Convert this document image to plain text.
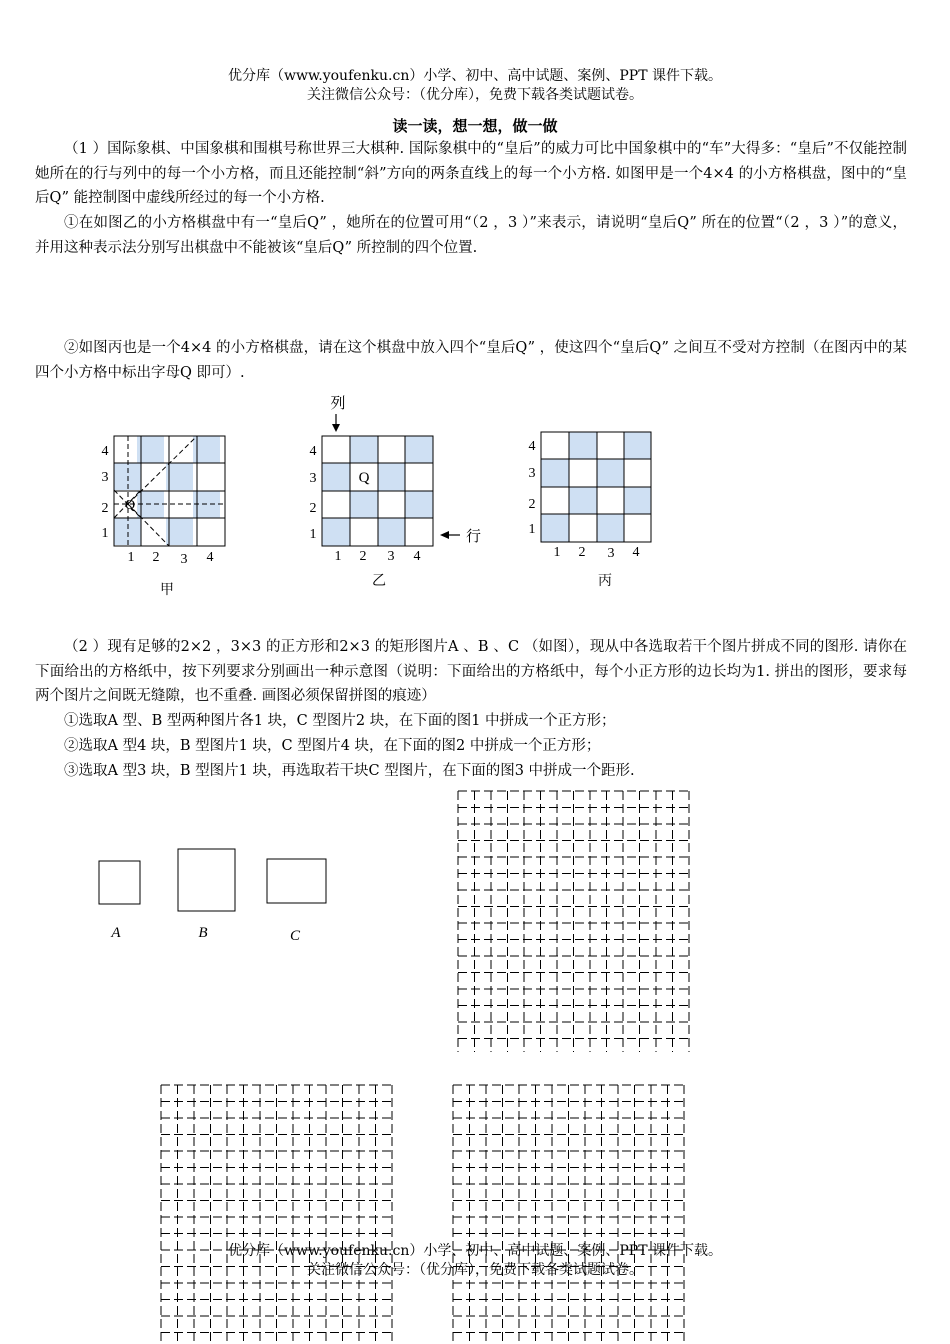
优分库（www.youfenku.cn）小学、初中、高中试题、案例、PPT 课件下载。
关注微信公众号：（优分库），免费下载各类试题试卷。
读一读，想一想，做一做
（1 ）国际象棋、中国象棋和围棋号称世界三大棋种. 国际象棋中的“皇后”的威力可比中国象棋中的“车”大得多：“皇后”不仅能控制她所在的行与列中的每一个小方格，而且还能控制“斜”方向的两条直线上的每一个小方格. 如图甲是一个4×4 的小方格棋盘，图中的“皇后Q” 能控制图中虚线所经过的每一个小方格.
①在如图乙的小方格棋盘中有一“皇后Q” ，她所在的位置可用“（2 ，3 ）”来表示，请说明“皇后Q” 所在的位置“（2 ，3 ）”的意义，并用这种表示法分别写出棋盘中不能被该“皇后Q” 所控制的四个位置.
②如图丙也是一个4×4 的小方格棋盘，请在这个棋盘中放入四个“皇后Q” ，使这四个“皇后Q” 之间互不受对方控制（在图丙中的某四个小方格中标出字母Q 即可）.
Q
4
3
2
1
1 2 3 4
甲
列
Q
4
3
2
1
1 2 3 4
乙
行
4
3
2
1
1 2 3 4
丙
（2 ）现有足够的2×2 ，3×3 的正方形和2×3 的矩形图片A 、B 、C （如图），现从中各选取若干个图片拼成不同的图形. 请你在下面给出的方格纸中，按下列要求分别画出一种示意图（说明：下面给出的方格纸中，每个小正方形的边长均为1. 拼出的图形，要求每两个图片之间既无缝隙，也不重叠. 画图必须保留拼图的痕迹）
①选取A 型、B 型两种图片各1 块，C 型图片2 块，在下面的图1 中拼成一个正方形；
②选取A 型4 块，B 型图片1 块，C 型图片4 块，在下面的图2 中拼成一个正方形；
③选取A 型3 块，B 型图片1 块，再选取若干块C 型图片，在下面的图3 中拼成一个距形.
A	B	C
优分库（www.youfenku.cn）小学、初中、高中试题、案例、PPT 课件下载。
关注微信公众号：（优分库），免费下载各类试题试卷。
